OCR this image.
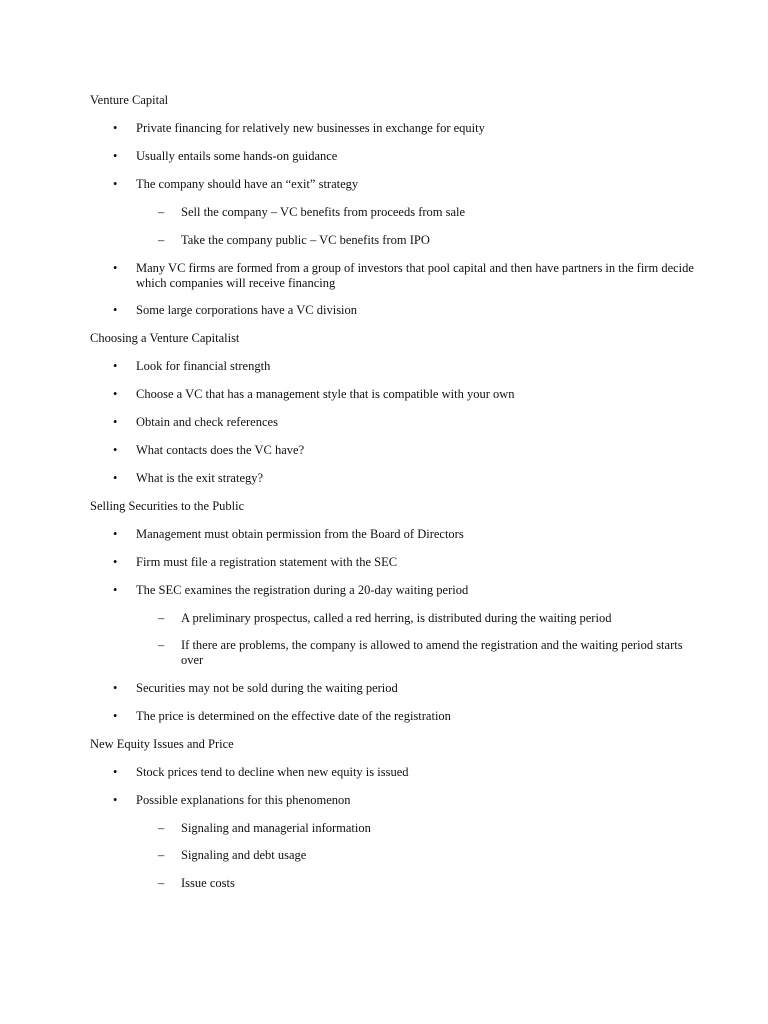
Venture Capital
• Private financing for relatively new businesses in exchange for equity
• Usually entails some hands-on guidance
• The company should have an “exit” strategy
– Sell the company – VC benefits from proceeds from sale
– Take the company public – VC benefits from IPO
• Many VC firms are formed from a group of investors that pool capital and then have partners in the firm decide which companies will receive financing
• Some large corporations have a VC division
Choosing a Venture Capitalist
• Look for financial strength
• Choose a VC that has a management style that is compatible with your own
• Obtain and check references
• What contacts does the VC have?
• What is the exit strategy?
Selling Securities to the Public
• Management must obtain permission from the Board of Directors
• Firm must file a registration statement with the SEC
• The SEC examines the registration during a 20-day waiting period
– A preliminary prospectus, called a red herring, is distributed during the waiting period
– If there are problems, the company is allowed to amend the registration and the waiting period starts over
• Securities may not be sold during the waiting period
• The price is determined on the effective date of the registration
New Equity Issues and Price
• Stock prices tend to decline when new equity is issued
• Possible explanations for this phenomenon
– Signaling and managerial information
– Signaling and debt usage
– Issue costs
